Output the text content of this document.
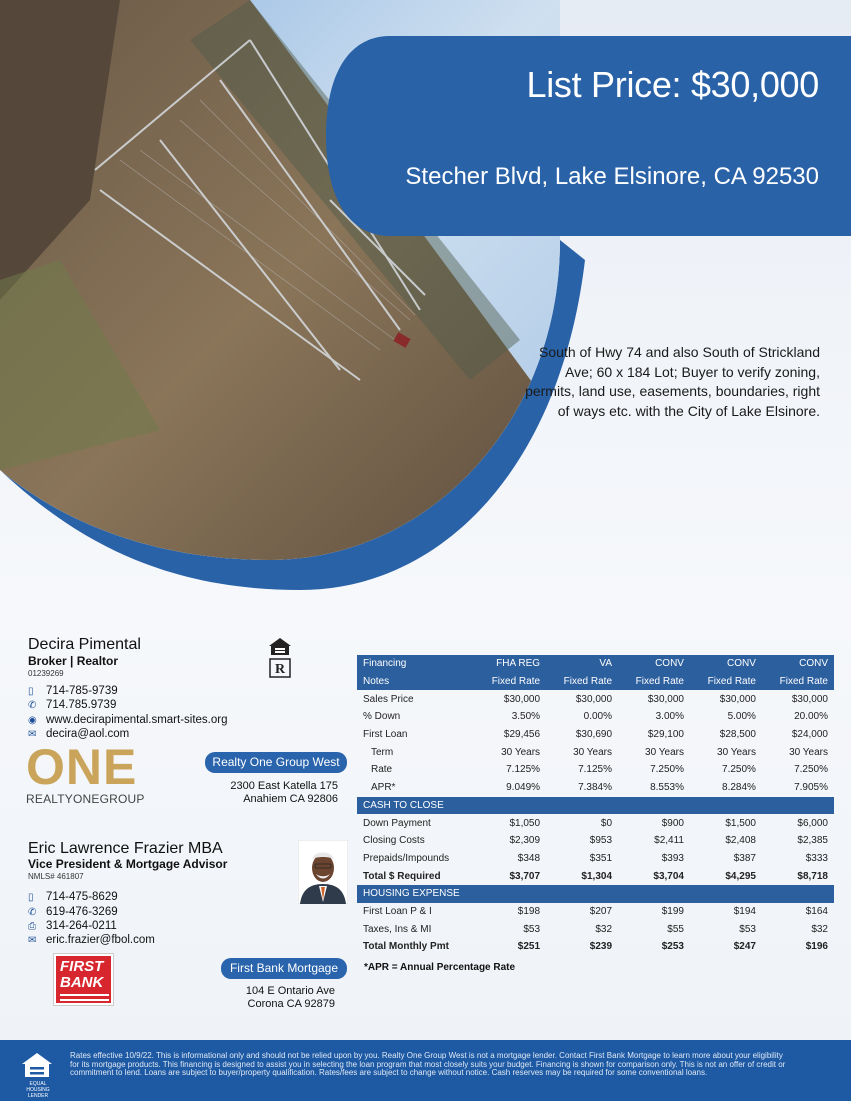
List Price: $30,000
Stecher Blvd, Lake Elsinore, CA 92530
South of Hwy 74 and also South of Strickland Ave; 60 x 184 Lot; Buyer to verify zoning, permits, land use, easements, boundaries, right of ways etc. with the City of Lake Elsinore.
Decira Pimental
Broker | Realtor
01239269	R
▯	714-785-9739
✆ 714.785.9739
◉ www.decirapimental.smart-sites.org
✉ decira@aol.com
ONE
REALTYONEGROUP
Realty One Group West
2300 East Katella 175
Anahiem CA 92806
Eric Lawrence Frazier MBA
Vice President & Mortgage Advisor
NMLS# 461807
▯	714-475-8629
✆ 619-476-3269
⎙ 314-264-0211
✉ eric.frazier@fbol.com
FIRST
BANK
First Bank Mortgage
104 E Ontario Ave
Corona CA 92879
Financing	FHA REG	VA	CONV	CONV	CONV
Notes	Fixed Rate	Fixed Rate	Fixed Rate	Fixed Rate	Fixed Rate
Sales Price	$30,000	$30,000	$30,000	$30,000	$30,000
% Down	3.50%	0.00%	3.00%	5.00%	20.00%
First Loan	$29,456	$30,690	$29,100	$28,500	$24,000
Term	30 Years	30 Years	30 Years	30 Years	30 Years
Rate	7.125%	7.125%	7.250%	7.250%	7.250%
APR*	9.049%	7.384%	8.553%	8.284%	7.905%
CASH TO CLOSE					
Down Payment	$1,050	$0	$900	$1,500	$6,000
Closing Costs	$2,309	$953	$2,411	$2,408	$2,385
Prepaids/Impounds	$348	$351	$393	$387	$333
Total $ Required	$3,707	$1,304	$3,704	$4,295	$8,718
HOUSING EXPENSE					
First Loan P & I	$198	$207	$199	$194	$164
Taxes, Ins & MI	$53	$32	$55	$53	$32
Total Monthly Pmt	$251	$239	$253	$247	$196
*APR = Annual Percentage Rate
EQUAL HOUSING LENDER
Rates effective 10/9/22. This is informational only and should not be relied upon by you. Realty One Group West is not a mortgage lender. Contact First Bank Mortgage to learn more about your eligibility for its mortgage products. This financing is designed to assist you in selecting the loan program that most closely suits your budget. Financing is shown for comparison only. This is not an offer of credit or commitment to lend. Loans are subject to buyer/property qualification. Rates/fees are subject to change without notice. Cash reserves may be required for some conventional loans.
